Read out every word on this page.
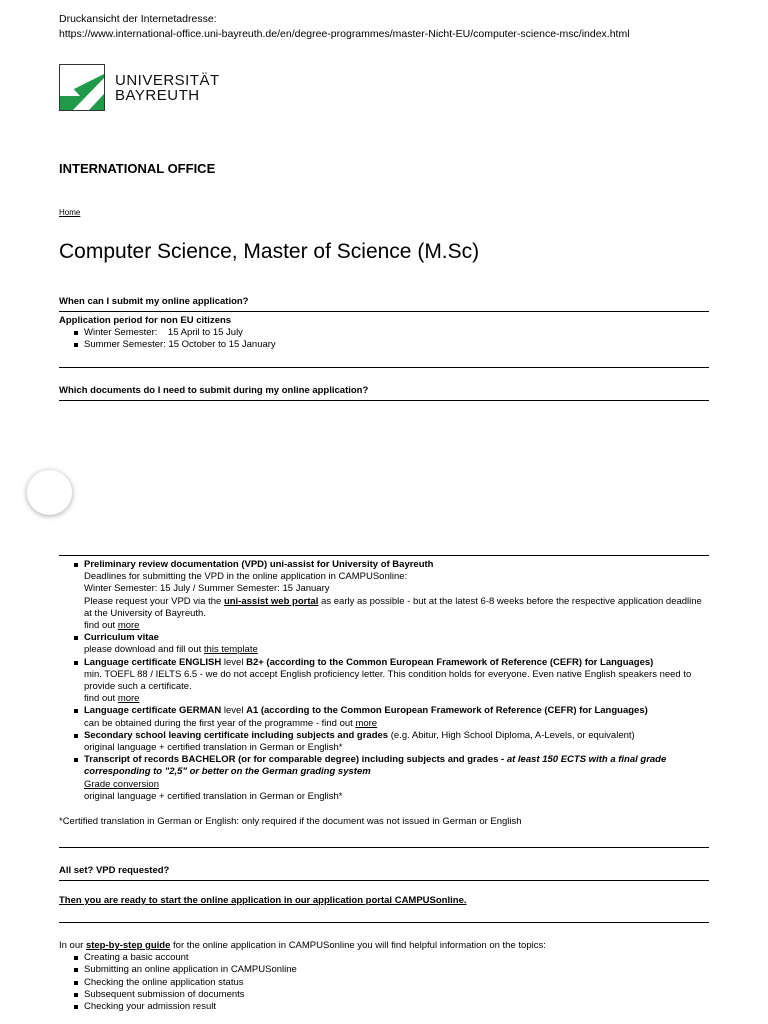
Druckansicht der Internetadresse:
https://www.international-office.uni-bayreuth.de/en/degree-programmes/master-Nicht-EU/computer-science-msc/index.html
UNIVERSITÄT
BAYREUTH
INTERNATIONAL OFFICE
Home
Computer Science, Master of Science (M.Sc)
When can I submit my online application?
Application period for non EU citizens
Winter Semester:    15 April to 15 July
Summer Semester: 15 October to 15 January
Which documents do I need to submit during my online application?
Preliminary review documentation (VPD) uni-assist for University of Bayreuth
Deadlines for submitting the VPD in the online application in CAMPUSonline:
Winter Semester: 15 July / Summer Semester: 15 January
Please request your VPD via the uni-assist web portal as early as possible - but at the latest 6-8 weeks before the respective application deadline at the University of Bayreuth.
find out more
Curriculum vitae
please download and fill out this template
Language certificate ENGLISH level B2+ (according to the Common European Framework of Reference (CEFR) for Languages)
min. TOEFL 88 / IELTS 6.5 - we do not accept English proficiency letter. This condition holds for everyone. Even native English speakers need to provide such a certificate.
find out more
Language certificate GERMAN level A1 (according to the Common European Framework of Reference (CEFR) for Languages)
can be obtained during the first year of the programme - find out more
Secondary school leaving certificate including subjects and grades (e.g. Abitur, High School Diploma, A-Levels, or equivalent)
original language + certified translation in German or English*
Transcript of records BACHELOR (or for comparable degree) including subjects and grades - at least 150 ECTS with a final grade corresponding to "2,5" or better on the German grading system
Grade conversion
original language + certified translation in German or English*
*Certified translation in German or English: only required if the document was not issued in German or English
All set? VPD requested?
Then you are ready to start the online application in our application portal CAMPUSonline.
In our step-by-step guide for the online application in CAMPUSonline you will find helpful information on the topics:
Creating a basic account
Submitting an online application in CAMPUSonline
Checking the online application status
Subsequent submission of documents
Checking your admission result
